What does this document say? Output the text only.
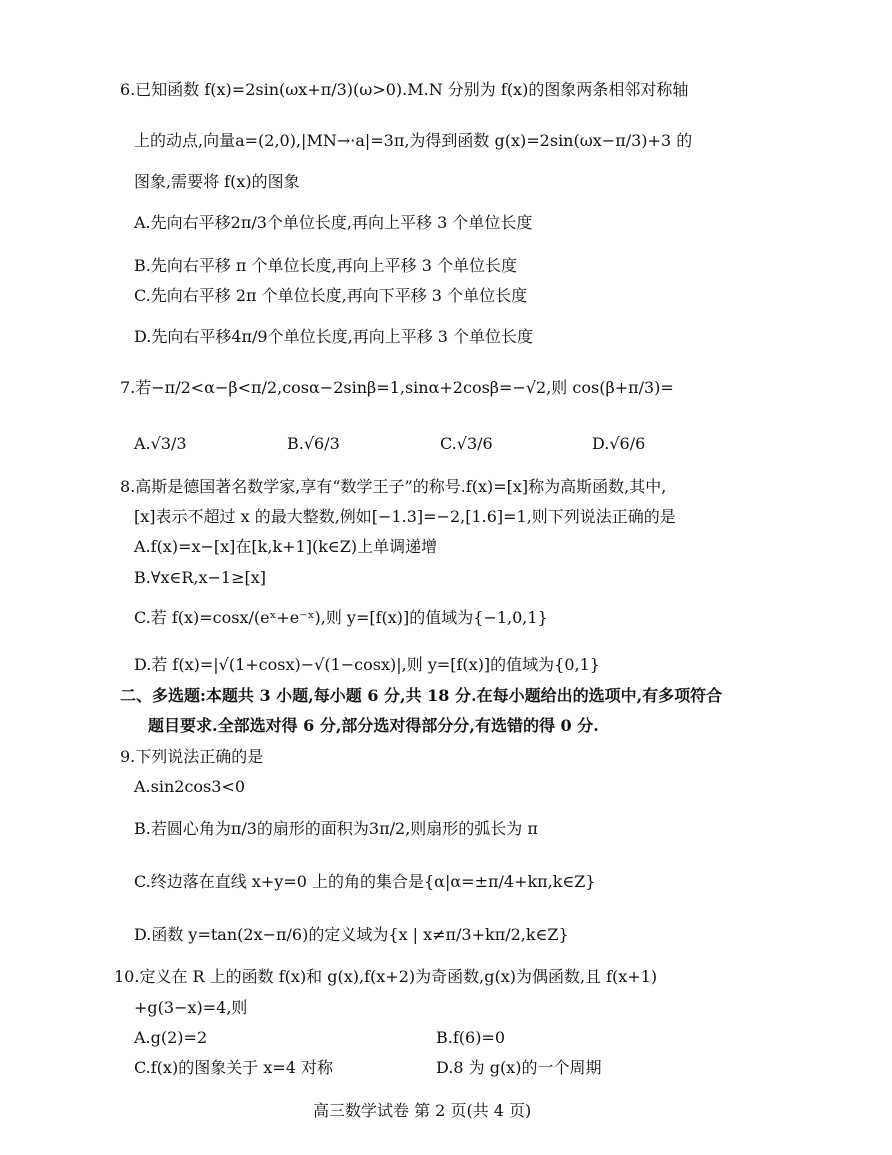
6.已知函数 f(x)=2sin(ωx+π/3)(ω>0).M.N 分别为 f(x)的图象两条相邻对称轴
上的动点,向量a=(2,0),|MN→·a|=3π,为得到函数 g(x)=2sin(ωx−π/3)+3 的
图象,需要将 f(x)的图象
A.先向右平移2π/3个单位长度,再向上平移 3 个单位长度
B.先向右平移 π 个单位长度,再向上平移 3 个单位长度
C.先向右平移 2π 个单位长度,再向下平移 3 个单位长度
D.先向右平移4π/9个单位长度,再向上平移 3 个单位长度
7.若−π/2<α−β<π/2,cosα−2sinβ=1,sinα+2cosβ=−√2,则 cos(β+π/3)=
A.√3/3	B.√6/3	C.√3/6	D.√6/6
8.高斯是德国著名数学家,享有“数学王子”的称号.f(x)=[x]称为高斯函数,其中,
[x]表示不超过 x 的最大整数,例如[−1.3]=−2,[1.6]=1,则下列说法正确的是
A.f(x)=x−[x]在[k,k+1](k∈Z)上单调递增
B.∀x∈R,x−1≥[x]
C.若 f(x)=cosx/(eˣ+e⁻ˣ),则 y=[f(x)]的值域为{−1,0,1}
D.若 f(x)=|√(1+cosx)−√(1−cosx)|,则 y=[f(x)]的值域为{0,1}
二、多选题:本题共 3 小题,每小题 6 分,共 18 分.在每小题给出的选项中,有多项符合
题目要求.全部选对得 6 分,部分选对得部分分,有选错的得 0 分.
9.下列说法正确的是
A.sin2cos3<0
B.若圆心角为π/3的扇形的面积为3π/2,则扇形的弧长为 π
C.终边落在直线 x+y=0 上的角的集合是{α|α=±π/4+kπ,k∈Z}
D.函数 y=tan(2x−π/6)的定义域为{x | x≠π/3+kπ/2,k∈Z}
10.定义在 R 上的函数 f(x)和 g(x),f(x+2)为奇函数,g(x)为偶函数,且 f(x+1)
+g(3−x)=4,则
A.g(2)=2	B.f(6)=0
C.f(x)的图象关于 x=4 对称	D.8 为 g(x)的一个周期
高三数学试卷 第 2 页(共 4 页)
